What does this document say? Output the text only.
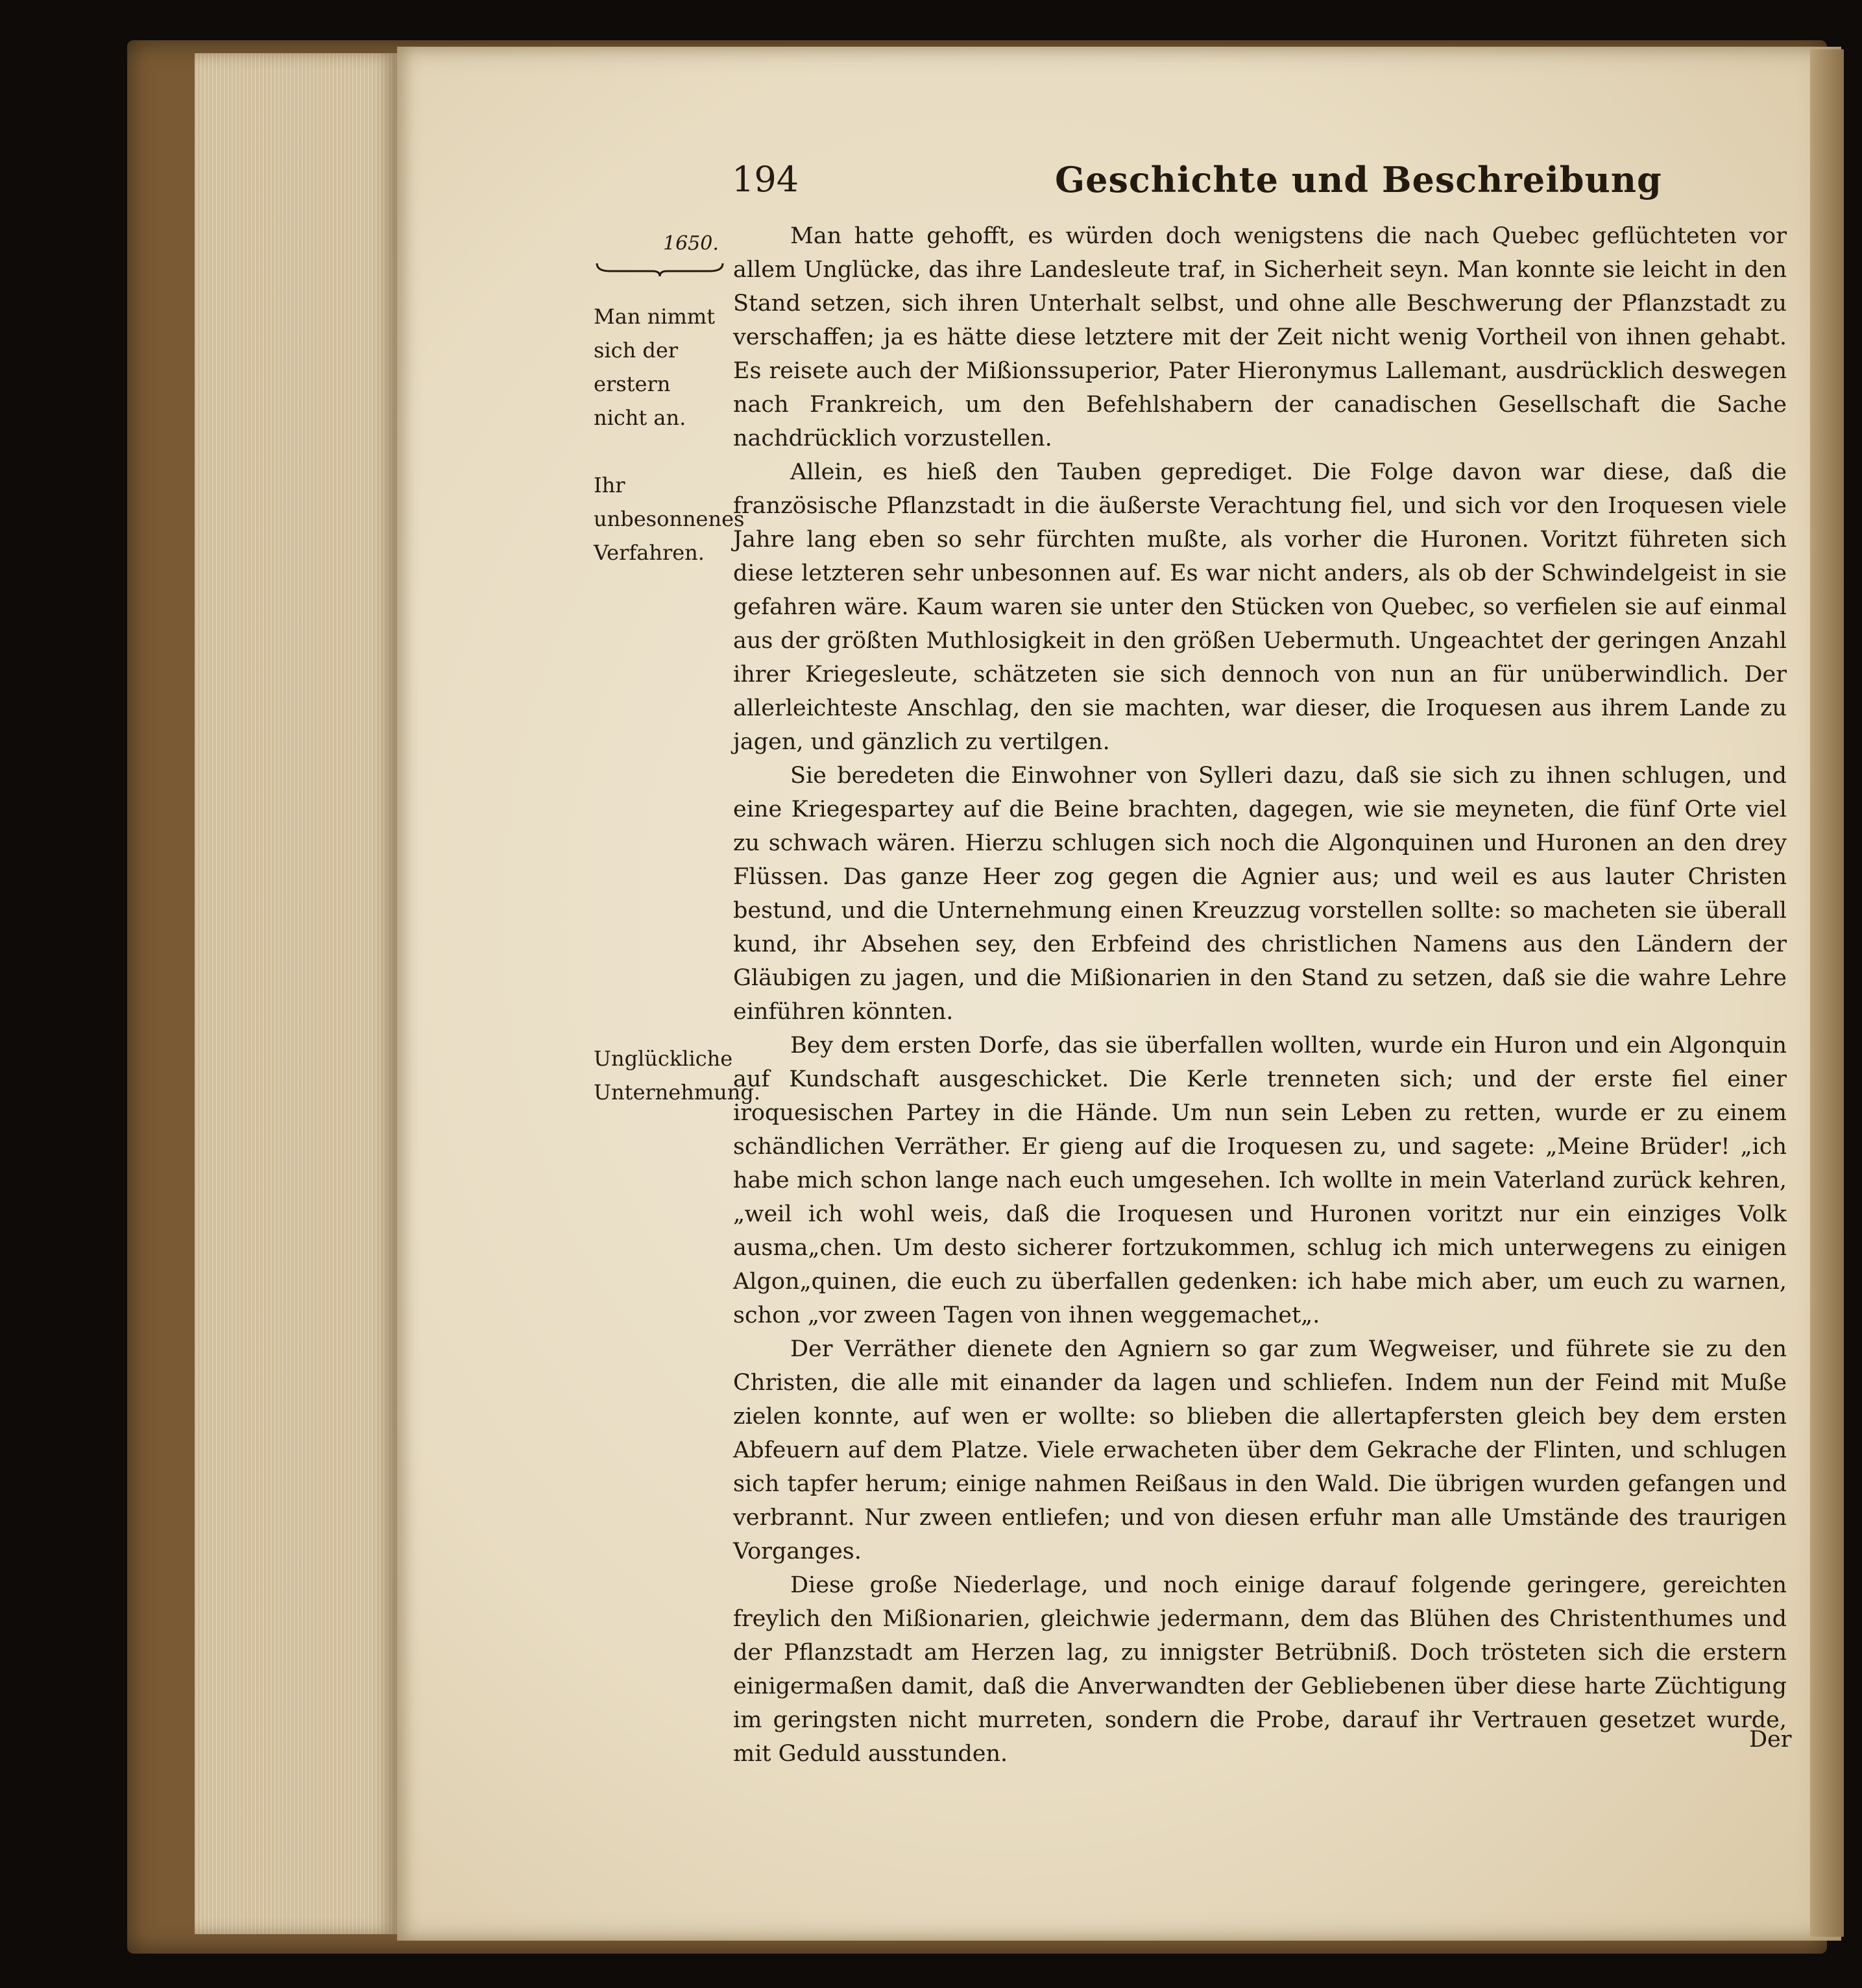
194	Geschichte und Beschreibung
1650.
Man nimmt sich der erstern nicht an.
Ihr unbesonnenes Verfahren.
Unglückliche Unternehmung.

Man hatte gehofft, es würden doch wenigstens die nach Quebec geflüchteten vor allem Unglücke, das ihre Landesleute traf, in Sicherheit seyn. Man konnte sie leicht in den Stand setzen, sich ihren Unterhalt selbst, und ohne alle Beschwerung der Pflanzstadt zu verschaffen; ja es hätte diese letztere mit der Zeit nicht wenig Vortheil von ihnen gehabt. Es reisete auch der Mißionssuperior, Pater Hieronymus Lallemant, ausdrücklich deswegen nach Frankreich, um den Befehlshabern der canadischen Gesellschaft die Sache nachdrücklich vorzustellen.

Allein, es hieß den Tauben geprediget. Die Folge davon war diese, daß die französische Pflanzstadt in die äußerste Verachtung fiel, und sich vor den Iroquesen viele Jahre lang eben so sehr fürchten mußte, als vorher die Huronen. Voritzt führeten sich diese letzteren sehr unbesonnen auf. Es war nicht anders, als ob der Schwindelgeist in sie gefahren wäre. Kaum waren sie unter den Stücken von Quebec, so verfielen sie auf einmal aus der größten Muthlosigkeit in den größen Uebermuth. Ungeachtet der geringen Anzahl ihrer Kriegesleute, schätzeten sie sich dennoch von nun an für unüberwindlich. Der allerleichteste Anschlag, den sie machten, war dieser, die Iroquesen aus ihrem Lande zu jagen, und gänzlich zu vertilgen.

Sie beredeten die Einwohner von Sylleri dazu, daß sie sich zu ihnen schlugen, und eine Kriegespartey auf die Beine brachten, dagegen, wie sie meyneten, die fünf Orte viel zu schwach wären. Hierzu schlugen sich noch die Algonquinen und Huronen an den drey Flüssen. Das ganze Heer zog gegen die Agnier aus; und weil es aus lauter Christen bestund, und die Unternehmung einen Kreuzzug vorstellen sollte: so macheten sie überall kund, ihr Absehen sey, den Erbfeind des christlichen Namens aus den Ländern der Gläubigen zu jagen, und die Mißionarien in den Stand zu setzen, daß sie die wahre Lehre einführen könnten.

Bey dem ersten Dorfe, das sie überfallen wollten, wurde ein Huron und ein Algonquin auf Kundschaft ausgeschicket. Die Kerle trenneten sich; und der erste fiel einer iroquesischen Partey in die Hände. Um nun sein Leben zu retten, wurde er zu einem schändlichen Verräther. Er gieng auf die Iroquesen zu, und sagete: „Meine Brüder! „ich habe mich schon lange nach euch umgesehen. Ich wollte in mein Vaterland zurück kehren, „weil ich wohl weis, daß die Iroquesen und Huronen voritzt nur ein einziges Volk ausma„chen. Um desto sicherer fortzukommen, schlug ich mich unterwegens zu einigen Algon„quinen, die euch zu überfallen gedenken: ich habe mich aber, um euch zu warnen, schon „vor zween Tagen von ihnen weggemachet„.

Der Verräther dienete den Agniern so gar zum Wegweiser, und führete sie zu den Christen, die alle mit einander da lagen und schliefen. Indem nun der Feind mit Muße zielen konnte, auf wen er wollte: so blieben die allertapfersten gleich bey dem ersten Abfeuern auf dem Platze. Viele erwacheten über dem Gekrache der Flinten, und schlugen sich tapfer herum; einige nahmen Reißaus in den Wald. Die übrigen wurden gefangen und verbrannt. Nur zween entliefen; und von diesen erfuhr man alle Umstände des traurigen Vorganges.

Diese große Niederlage, und noch einige darauf folgende geringere, gereichten freylich den Mißionarien, gleichwie jedermann, dem das Blühen des Christenthumes und der Pflanzstadt am Herzen lag, zu innigster Betrübniß. Doch trösteten sich die erstern einigermaßen damit, daß die Anverwandten der Gebliebenen über diese harte Züchtigung im geringsten nicht murreten, sondern die Probe, darauf ihr Vertrauen gesetzet wurde, mit Geduld ausstunden.

Der
